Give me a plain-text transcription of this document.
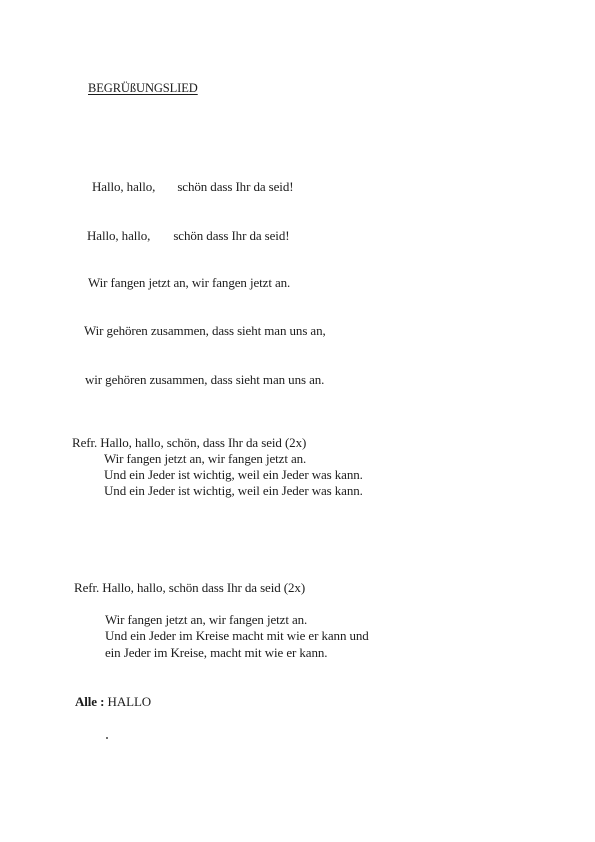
BEGRÜßUNGSLIED
Hallo, hallo, schön dass Ihr da seid!
Hallo, hallo, schön dass Ihr da seid!
Wir fangen jetzt an, wir fangen jetzt an.
Wir gehören zusammen, dass sieht man uns an,
wir gehören zusammen, dass sieht man uns an.
Refr. Hallo, hallo, schön, dass Ihr da seid (2x)
Wir fangen jetzt an, wir fangen jetzt an.
Und ein Jeder ist wichtig, weil ein Jeder was kann.
Und ein Jeder ist wichtig, weil ein Jeder was kann.
Refr. Hallo, hallo, schön dass Ihr da seid (2x)
Wir fangen jetzt an, wir fangen jetzt an.
Und ein Jeder im Kreise macht mit wie er kann und
ein Jeder im Kreise, macht mit wie er kann.
Alle : HALLO
